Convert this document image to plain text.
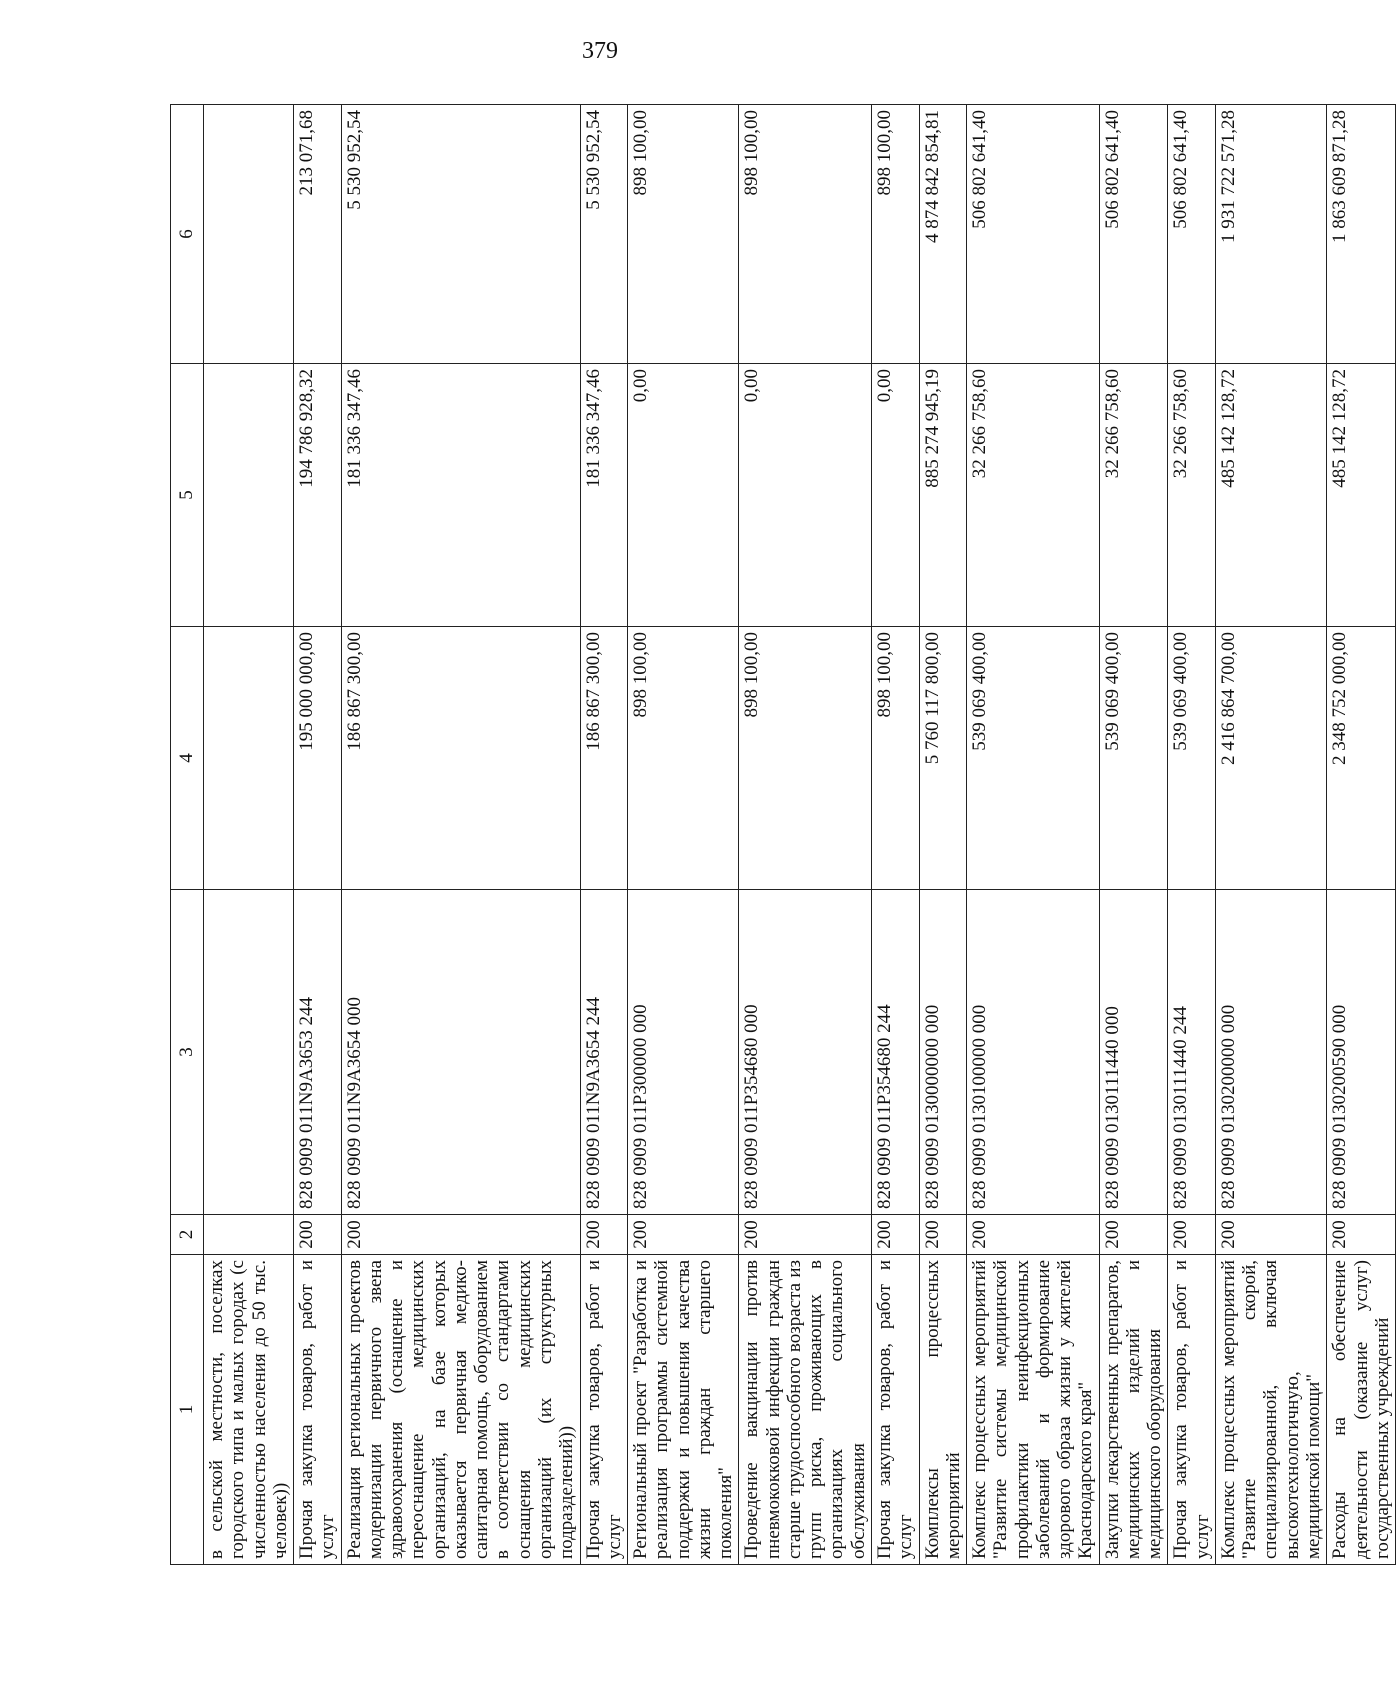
379
1	2	3	4	5	6
в сельской местности, поселках городского типа и малых городах (с численностью населения до 50 тыс. человек))					
Прочая закупка товаров, работ и услуг	200	828 0909 011N9A3653 244	195 000 000,00	194 786 928,32	213 071,68
Реализация региональных проектов модернизации первичного звена здравоохранения (оснащение и переоснащение медицинских организаций, на базе которых оказывается первичная медико-санитарная помощь, оборудованием в соответствии со стандартами оснащения медицинских организаций (их структурных подразделений))	200	828 0909 011N9A3654 000	186 867 300,00	181 336 347,46	5 530 952,54
Прочая закупка товаров, работ и услуг	200	828 0909 011N9A3654 244	186 867 300,00	181 336 347,46	5 530 952,54
Региональный проект "Разработка и реализация программы системной поддержки и повышения качества жизни граждан старшего поколения"	200	828 0909 011P300000 000	898 100,00	0,00	898 100,00
Проведение вакцинации против пневмококковой инфекции граждан старше трудоспособного возраста из групп риска, проживающих в организациях социального обслуживания	200	828 0909 011P354680 000	898 100,00	0,00	898 100,00
Прочая закупка товаров, работ и услуг	200	828 0909 011P354680 244	898 100,00	0,00	898 100,00
Комплексы процессных мероприятий	200	828 0909 0130000000 000	5 760 117 800,00	885 274 945,19	4 874 842 854,81
Комплекс процессных мероприятий "Развитие системы медицинской профилактики неинфекционных заболеваний и формирование здорового образа жизни у жителей Краснодарского края"	200	828 0909 0130100000 000	539 069 400,00	32 266 758,60	506 802 641,40
Закупки лекарственных препаратов, медицинских изделий и медицинского оборудования	200	828 0909 0130111440 000	539 069 400,00	32 266 758,60	506 802 641,40
Прочая закупка товаров, работ и услуг	200	828 0909 0130111440 244	539 069 400,00	32 266 758,60	506 802 641,40
Комплекс процессных мероприятий "Развитие скорой, специализированной, включая высокотехнологичную, медицинской помощи"	200	828 0909 0130200000 000	2 416 864 700,00	485 142 128,72	1 931 722 571,28
Расходы на обеспечение деятельности (оказание услуг) государственных учреждений	200	828 0909 0130200590 000	2 348 752 000,00	485 142 128,72	1 863 609 871,28
